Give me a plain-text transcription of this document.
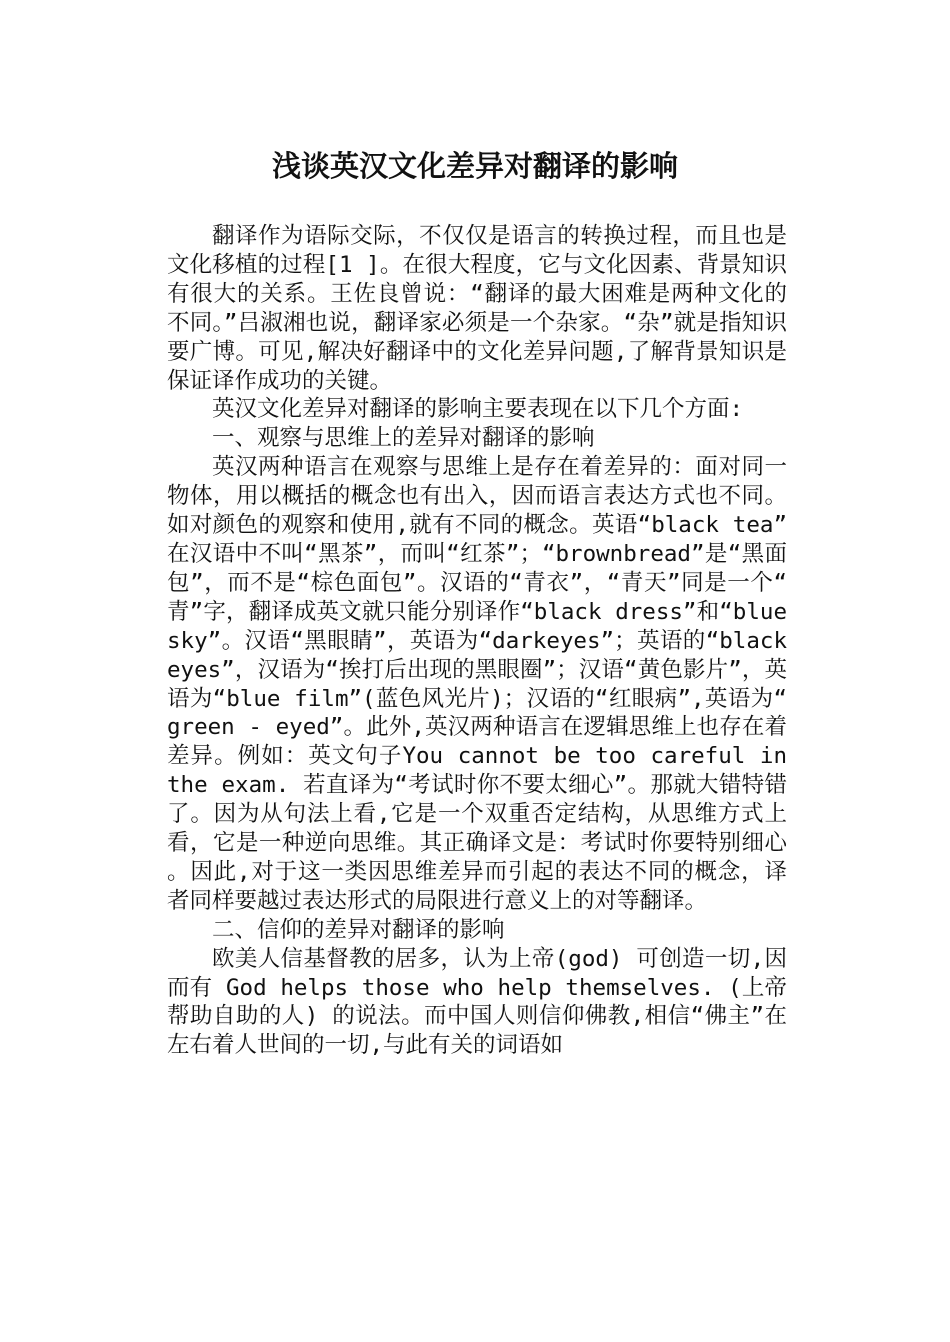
浅谈英汉文化差异对翻译的影响

翻译作为语际交际，不仅仅是语言的转换过程，而且也是文化移植的过程[1 ]。在很大程度，它与文化因素、背景知识有很大的关系。王佐良曾说：“翻译的最大困难是两种文化的不同。”吕淑湘也说，翻译家必须是一个杂家。“杂”就是指知识要广博。可见,解决好翻译中的文化差异问题,了解背景知识是保证译作成功的关键。

英汉文化差异对翻译的影响主要表现在以下几个方面:

一、观察与思维上的差异对翻译的影响

英汉两种语言在观察与思维上是存在着差异的：面对同一物体，用以概括的概念也有出入，因而语言表达方式也不同。如对颜色的观察和使用,就有不同的概念。英语“black tea”在汉语中不叫“黑茶”，而叫“红茶”；“brownbread”是“黑面包”，而不是“棕色面包”。汉语的“青衣”，“青天”同是一个“青”字，翻译成英文就只能分别译作“black dress”和“blue sky”。汉语“黑眼睛”，英语为“darkeyes”；英语的“black eyes”，汉语为“挨打后出现的黑眼圈”；汉语“黄色影片”，英语为“blue film”(蓝色风光片)；汉语的“红眼病”,英语为“green - eyed”。此外,英汉两种语言在逻辑思维上也存在着差异。例如：英文句子You cannot be too careful in the exam. 若直译为“考试时你不要太细心”。那就大错特错了。因为从句法上看,它是一个双重否定结构，从思维方式上看，它是一种逆向思维。其正确译文是：考试时你要特别细心。因此,对于这一类因思维差异而引起的表达不同的概念，译者同样要越过表达形式的局限进行意义上的对等翻译。

二、信仰的差异对翻译的影响

欧美人信基督教的居多，认为上帝(god) 可创造一切,因而有 God helps those who help themselves. (上帝帮助自助的人) 的说法。而中国人则信仰佛教,相信“佛主”在左右着人世间的一切,与此有关的词语如
